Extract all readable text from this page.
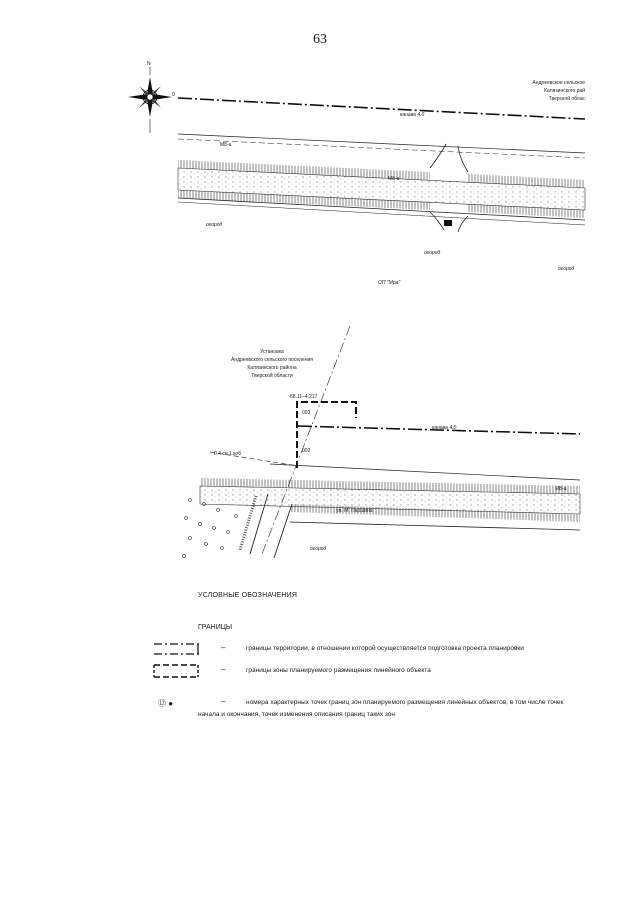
63
N
Андреевское сельское
Калязинского рай
Тверской облас
0
канава 4.0
М8-а
М8-а
огород
огород
огород
ОП "Мра"
Установка
Андреевского сельского поселения
Калязинского района
Тверской области
68.11–4.217
003
002
канава 4.0
0.4 сё 1.коб
М8-а
ул. М. Паршина
огород
УСЛОВНЫЕ ОБОЗНАЧЕНИЯ
ГРАНИЦЫ
–	границы территории, в отношении которой осуществляется подготовка проекта планировки
–	границы зоны планируемого размещения линейного объекта
⑫ ●	–	номера характерных точек границ зон планируемого размещения линейных объектов, в том числе точек
начала и окончания, точек изменения описания границ таких зон
